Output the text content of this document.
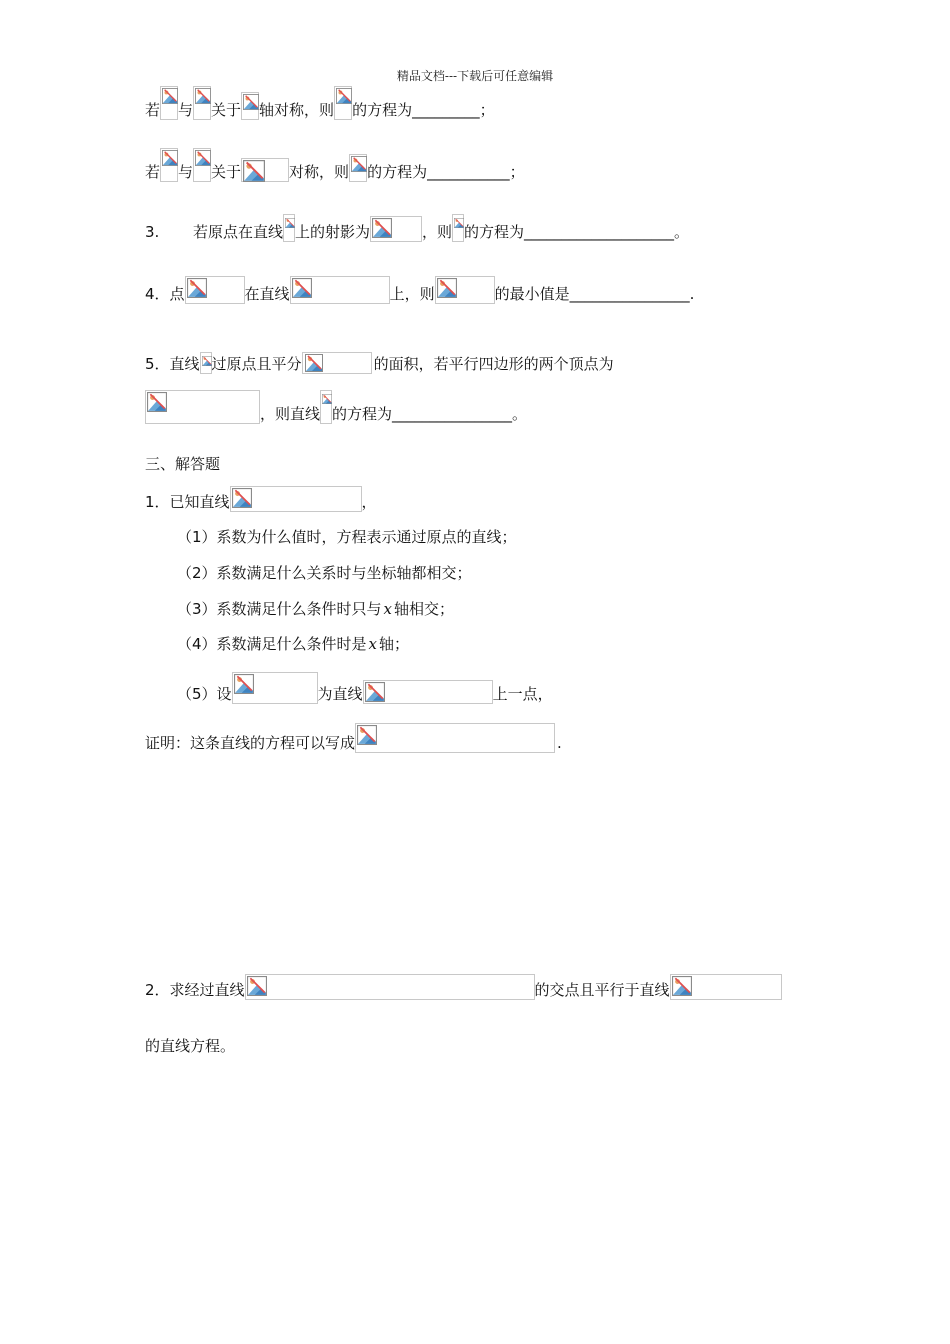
精品文档---下载后可任意编辑
若 与 关于 轴对称，则 的方程为_________；
若 与 关于	对称，则 的方程为___________；
3.	若原点在直线 上的射影为	，则 的方程为____________________。
4．点	在直线	上，则	的最小值是________________.
5．直线 过原点且平分	的面积，若平行四边形的两个顶点为
，则直线 的方程为________________。
三、解答题
1．已知直线	，
（1）系数为什么值时，方程表示通过原点的直线；
（2）系数满足什么关系时与坐标轴都相交；
（3）系数满足什么条件时只与 x 轴相交；
（4）系数满足什么条件时是 x 轴；
（5）设	为直线	上一点，
证明：这条直线的方程可以写成	.
2．求经过直线	的交点且平行于直线
的直线方程。
